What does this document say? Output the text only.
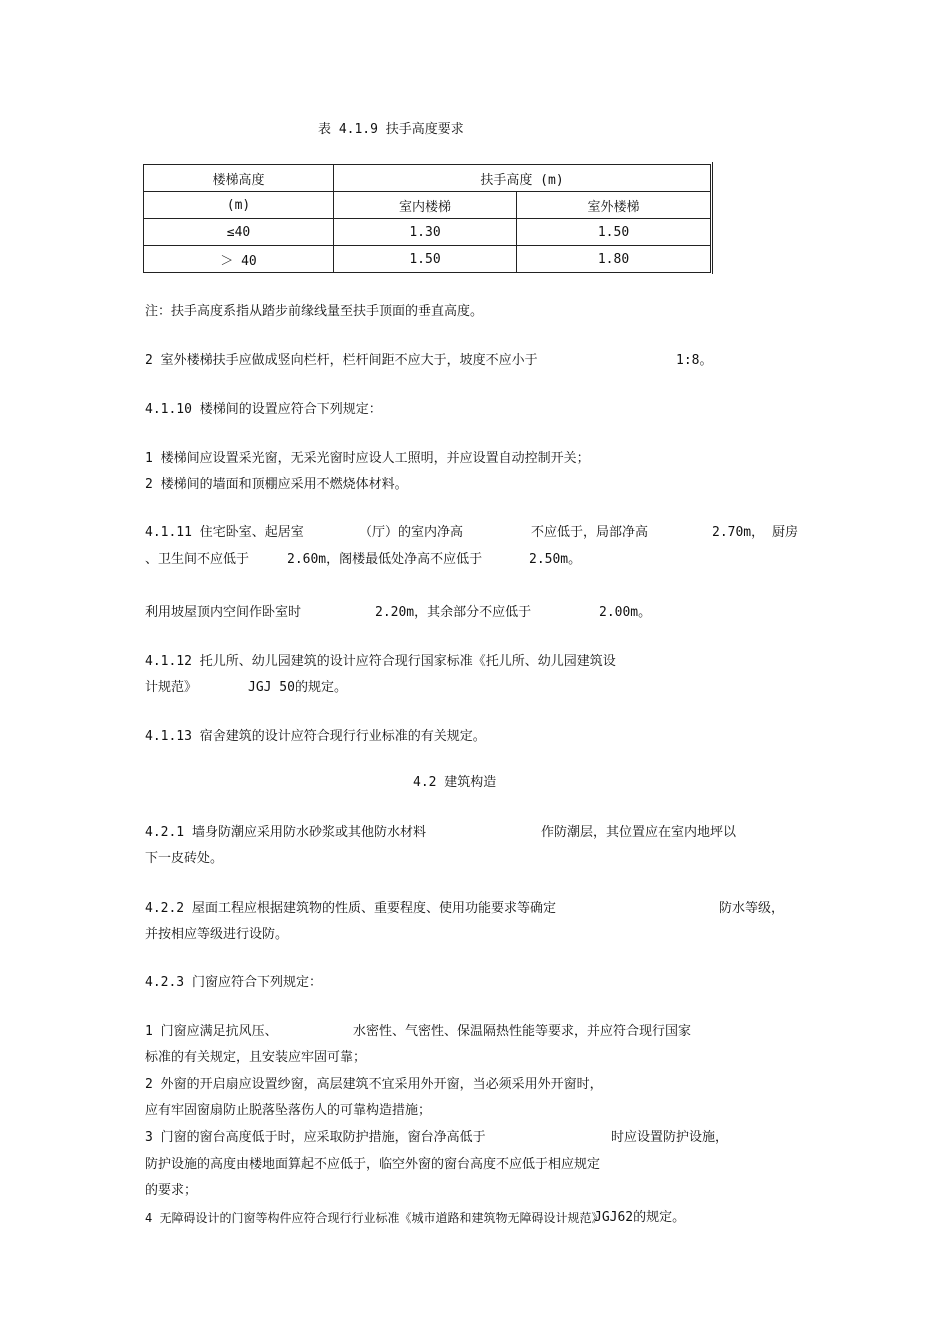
表 4.1.9 扶手高度要求
楼梯高度	扶手高度 (m)	
(m)	室内楼梯	室外楼梯
≤40	1.30	1.50
＞ 40	1.50	1.80
注：扶手高度系指从踏步前缘线量至扶手顶面的垂直高度。
2 室外楼梯扶手应做成竖向栏杆，栏杆间距不应大于，坡度不应小于	1:8。
4.1.10 楼梯间的设置应符合下列规定：
1 楼梯间应设置采光窗，无采光窗时应设人工照明，并应设置自动控制开关；
2 楼梯间的墙面和顶棚应采用不燃烧体材料。
4.1.11 住宅卧室、起居室	（厅）的室内净高	不应低于，局部净高	2.70m， 厨房
、卫生间不应低于	2.60m，阁楼最低处净高不应低于	2.50m。
利用坡屋顶内空间作卧室时	2.20m，其余部分不应低于	2.00m。
4.1.12 托儿所、幼儿园建筑的设计应符合现行国家标准《托儿所、幼儿园建筑设
计规范》	JGJ 50的规定。
4.1.13 宿舍建筑的设计应符合现行行业标准的有关规定。
4.2 建筑构造
4.2.1 墙身防潮应采用防水砂浆或其他防水材料	作防潮层，其位置应在室内地坪以
下一皮砖处。
4.2.2 屋面工程应根据建筑物的性质、重要程度、使用功能要求等确定	防水等级，
并按相应等级进行设防。
4.2.3 门窗应符合下列规定：
1 门窗应满足抗风压、	水密性、气密性、保温隔热性能等要求，并应符合现行国家
标准的有关规定，且安装应牢固可靠；
2 外窗的开启扇应设置纱窗，高层建筑不宜采用外开窗，当必须采用外开窗时，
应有牢固窗扇防止脱落坠落伤人的可靠构造措施；
3 门窗的窗台高度低于时，应采取防护措施，窗台净高低于	时应设置防护设施，
防护设施的高度由楼地面算起不应低于，临空外窗的窗台高度不应低于相应规定
的要求；
4 无障碍设计的门窗等构件应符合现行行业标准《城市道路和建筑物无障碍设计规范》
JGJ62的规定。
